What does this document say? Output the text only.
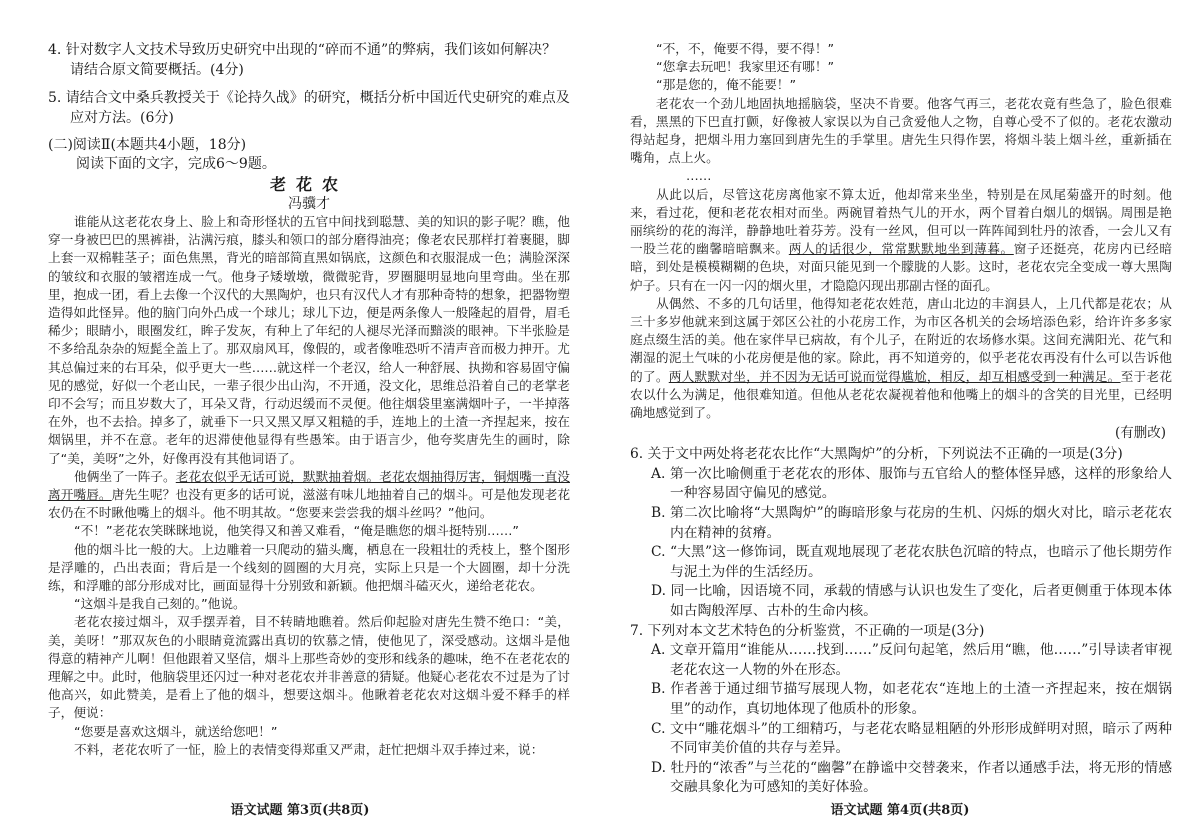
4. 针对数字人文技术导致历史研究中出现的“碎而不通”的弊病，我们该如何解决？请结合原文简要概括。(4分)

5. 请结合文中桑兵教授关于《论持久战》的研究，概括分析中国近代史研究的难点及应对方法。(6分)

(二)阅读Ⅱ(本题共4小题，18分)

阅读下面的文字，完成6～9题。

老花农

冯骥才

谁能从这老花农身上、脸上和奇形怪状的五官中间找到聪慧、美的知识的影子呢？瞧，他穿一身被巴巴的黑裤褂，沾满污痕，膝头和领口的部分磨得油亮；像老农民那样打着裹腿，脚上套一双棉鞋茎子；面色焦黑，背光的暗部简直黑如锅底，这颜色和衣服混成一色；满脸深深的皱纹和衣服的皱褶连成一气。他身子矮墩墩，微微驼背，罗圈腿明显地向里弯曲。坐在那里，抱成一团，看上去像一个汉代的大黑陶炉，也只有汉代人才有那种奇特的想象，把器物塑造得如此怪异。他的脑门向外凸成一个球儿；球儿下边，便是两条像人一般隆起的眉骨，眉毛稀少；眼睛小，眼圈发红，眸子发灰，有种上了年纪的人褪尽光泽而黯淡的眼神。下半张脸是不多给乱杂杂的短髭全盖上了。那双扇风耳，像假的，或者像唯恐听不清声音而极力抻开。尤其总偏过来的右耳朵，似乎更大一些……就这样一个老汉，给人一种舒展、执拗和容易固守偏见的感觉，好似一个老山民，一辈子很少出山沟，不开通，没文化，思维总沿着自己的老掌老印不会写；而且岁数大了，耳朵又背，行动迟缓而不灵便。他往烟袋里塞满烟叶子，一半掉落在外，也不去拾。掉多了，就垂下一只又黑又厚又粗糙的手，连地上的土渣一齐捏起来，按在烟锅里，并不在意。老年的迟滞使他显得有些愚笨。由于语言少，他夸奖唐先生的画时，除了“美，美呀”之外，好像再没有其他词语了。

他俩坐了一阵子。老花农似乎无话可说，默默抽着烟。老花农烟抽得厉害，铜烟嘴一直没离开嘴唇。唐先生呢？也没有更多的话可说，滋滋有味儿地抽着自己的烟斗。可是他发现老花农仍在不时瞅他嘴上的烟斗。他不明其故。“您要来尝尝我的烟斗丝吗？”他问。

“不！”老花农笑眯眯地说，他笑得又和善又难看，“俺是瞧您的烟斗挺特别……”

他的烟斗比一般的大。上边雕着一只爬动的猫头鹰，栖息在一段粗壮的秃枝上，整个图形是浮雕的，凸出表面；背后是一个线刻的圆圈的大月亮，实际上只是一个大圆圈，却十分洗练，和浮雕的部分形成对比，画面显得十分别致和新颖。他把烟斗磕灭火，递给老花农。

“这烟斗是我自己刻的。”他说。

老花农接过烟斗，双手摆弄着，目不转睛地瞧着。然后仰起脸对唐先生赞不绝口：“美，美，美呀！”那双灰色的小眼睛竟流露出真切的钦慕之情，使他见了，深受感动。这烟斗是他得意的精神产儿啊！但他跟着又坚信，烟斗上那些奇妙的变形和线条的趣味，绝不在老花农的理解之中。此时，他脑袋里还闪过一种对老花农并非善意的猜疑。他疑心老花农不过是为了讨他高兴，如此赞美，是看上了他的烟斗，想要这烟斗。他瞅着老花农对这烟斗爱不释手的样子，便说：

“您要是喜欢这烟斗，就送给您吧！”

不料，老花农听了一怔，脸上的表情变得郑重又严肃，赶忙把烟斗双手捧过来，说：

语文试题 第3页(共8页)

“不，不，俺要不得，要不得！”

“您拿去玩吧！我家里还有哪！”

“那是您的，俺不能要！”

老花农一个劲儿地固执地摇脑袋，坚决不肯要。他客气再三，老花农竟有些急了，脸色很难看，黑黑的下巴直打颤，好像被人家误以为自己贪爱他人之物，自尊心受不了似的。老花农激动得站起身，把烟斗用力塞回到唐先生的手掌里。唐先生只得作罢，将烟斗装上烟斗丝，重新插在嘴角，点上火。

……

从此以后，尽管这花房离他家不算太近，他却常来坐坐，特别是在凤尾菊盛开的时刻。他来，看过花，便和老花农相对而坐。两碗冒着热气儿的开水，两个冒着白烟儿的烟锅。周围是艳丽缤纷的花的海洋，静静地吐着芬芳。没有一丝风，但可以一阵阵闻到牡丹的浓香，一会儿又有一股兰花的幽馨暗暗飘来。两人的话很少，常常默默地坐到薄暮。窗子还挺亮，花房内已经暗暗，到处是模模糊糊的色块，对面只能见到一个朦胧的人影。这时，老花农完全变成一尊大黑陶炉子。只有在一闪一闪的烟火里，才隐隐闪现出那副古怪的面孔。

从偶然、不多的几句话里，他得知老花农姓范，唐山北边的丰润县人，上几代都是花农；从三十多岁他就来到这属于郊区公社的小花房工作，为市区各机关的会场培添色彩，给许许多多家庭点缀生活的美。他在家伴早已病故，有个儿子，在附近的农场修水渠。这间充满阳光、花气和潮湿的泥土气味的小花房便是他的家。除此，再不知道旁的，似乎老花农再没有什么可以告诉他的了。两人默默对坐，并不因为无话可说而觉得尴尬，相反，却互相感受到一种满足。至于老花农以什么为满足，他很难知道。但他从老花农凝视着他和他嘴上的烟斗的含笑的目光里，已经明确地感觉到了。

(有删改)

6. 关于文中两处将老花农比作“大黑陶炉”的分析，下列说法不正确的一项是(3分)

A. 第一次比喻侧重于老花农的形体、服饰与五官给人的整体怪异感，这样的形象给人一种容易固守偏见的感觉。

B. 第二次比喻将“大黑陶炉”的晦暗形象与花房的生机、闪烁的烟火对比，暗示老花农内在精神的贫瘠。

C. “大黑”这一修饰词，既直观地展现了老花农肤色沉暗的特点，也暗示了他长期劳作与泥土为伴的生活经历。

D. 同一比喻，因语境不同，承载的情感与认识也发生了变化，后者更侧重于体现本体如古陶般浑厚、古朴的生命内核。

7. 下列对本文艺术特色的分析鉴赏，不正确的一项是(3分)

A. 文章开篇用“谁能从……找到……”反问句起笔，然后用“瞧，他……”引导读者审视老花农这一人物的外在形态。

B. 作者善于通过细节描写展现人物，如老花农“连地上的土渣一齐捏起来，按在烟锅里”的动作，真切地体现了他质朴的形象。

C. 文中“雕花烟斗”的工细精巧，与老花农略显粗陋的外形形成鲜明对照，暗示了两种不同审美价值的共存与差异。

D. 牡丹的“浓香”与兰花的“幽馨”在静谧中交替袭来，作者以通感手法，将无形的情感交融具象化为可感知的美好体验。

语文试题 第4页(共8页)
